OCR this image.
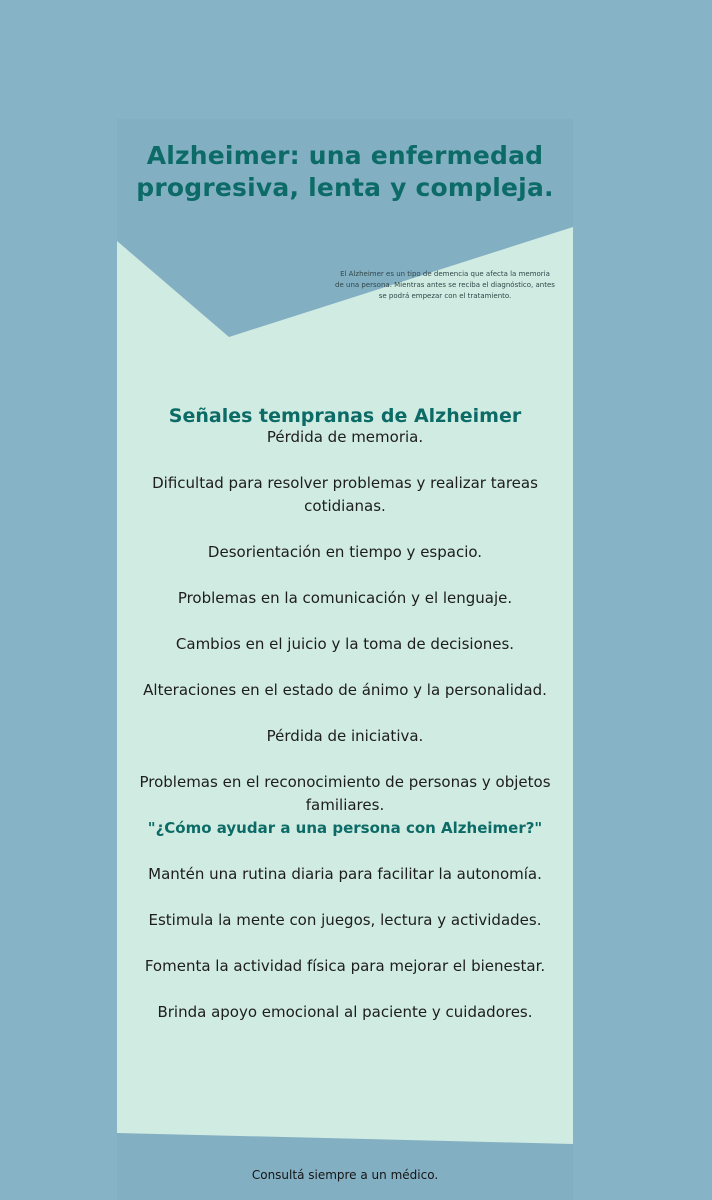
Alzheimer: una enfermedad progresiva, lenta y compleja.

El Alzheimer es un tipo de demencia que afecta la memoria de una persona. Mientras antes se reciba el diagnóstico, antes se podrá empezar con el tratamiento.

Señales tempranas de Alzheimer

Pérdida de memoria.

Dificultad para resolver problemas y realizar tareas cotidianas.

Desorientación en tiempo y espacio.

Problemas en la comunicación y el lenguaje.

Cambios en el juicio y la toma de decisiones.

Alteraciones en el estado de ánimo y la personalidad.

Pérdida de iniciativa.

Problemas en el reconocimiento de personas y objetos familiares.

"¿Cómo ayudar a una persona con Alzheimer?"

Mantén una rutina diaria para facilitar la autonomía.

Estimula la mente con juegos, lectura y actividades.

Fomenta la actividad física para mejorar el bienestar.

Brinda apoyo emocional al paciente y cuidadores.

Consultá siempre a un médico.
